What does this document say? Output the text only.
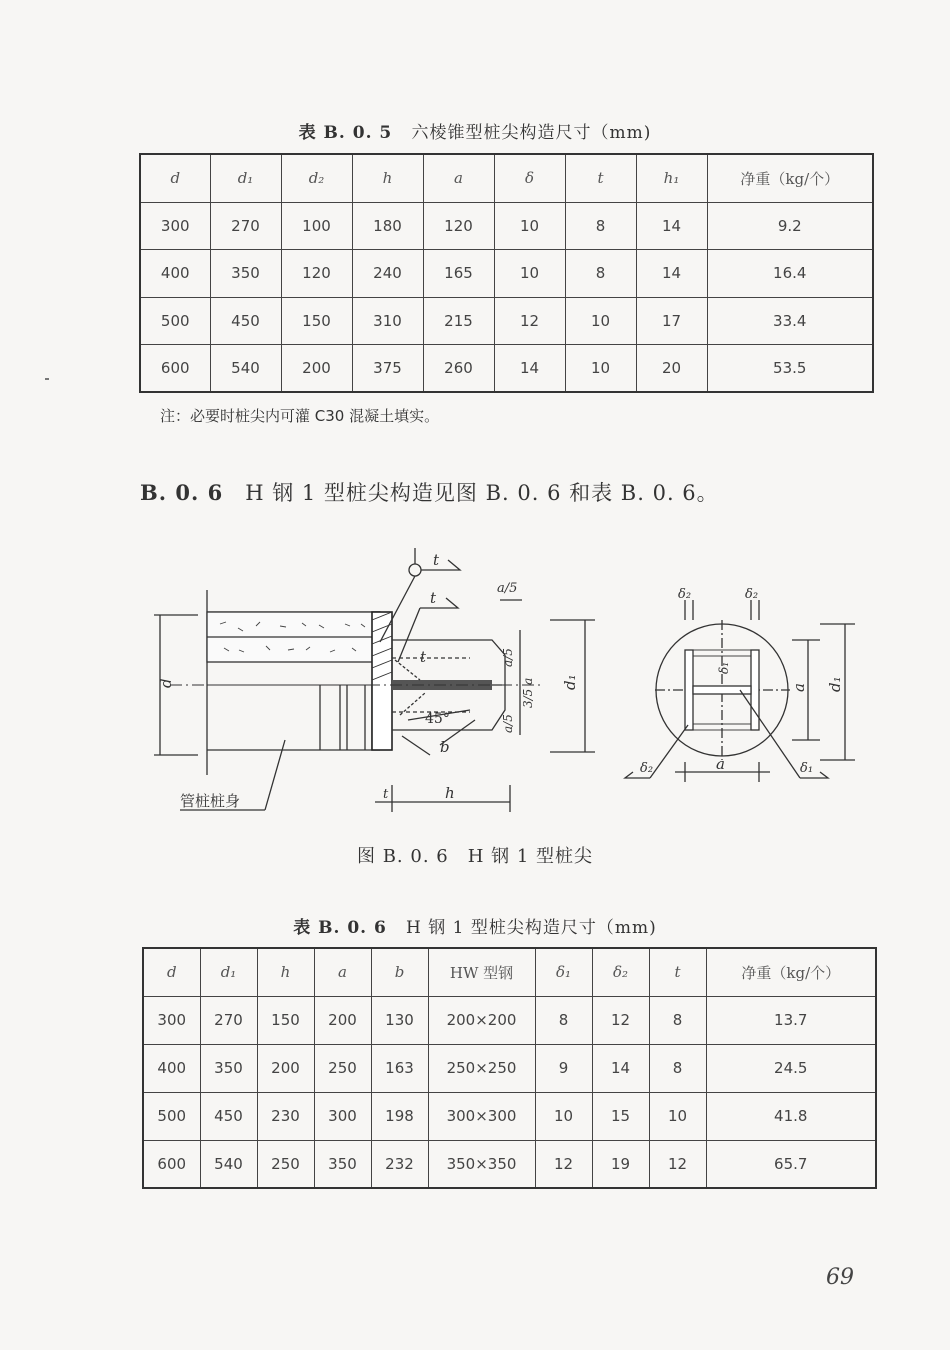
表 B. 0. 5 六棱锥型桩尖构造尺寸（mm)
d	d₁	d₂	h	a	δ	t	h₁	净重（kg/个）
300	270	100	180	120	10	8	14	9.2
400	350	120	240	165	10	8	14	16.4
500	450	150	310	215	12	10	17	33.4
600	540	200	375	260	14	10	20	53.5
注：必要时桩尖内可灌 C30 混凝土填实。
B. 0. 6 H 钢 1 型桩尖构造见图 B. 0. 6 和表 B. 0. 6。
d
t
t
t
45°
b
a/5
a/5
3/5 a
a/5
d₁
t	h
管桩桩身
δ₂	δ₂
a d₁
a
δ₂	δ₁
δ₁
图 B. 0. 6　H 钢 1 型桩尖
表 B. 0. 6 H 钢 1 型桩尖构造尺寸（mm)
d	d₁	h	a	b	HW 型钢	δ₁	δ₂	t	净重（kg/个）
300	270	150	200	130	200×200	8	12	8	13.7
400	350	200	250	163	250×250	9	14	8	24.5
500	450	230	300	198	300×300	10	15	10	41.8
600	540	250	350	232	350×350	12	19	12	65.7
69
